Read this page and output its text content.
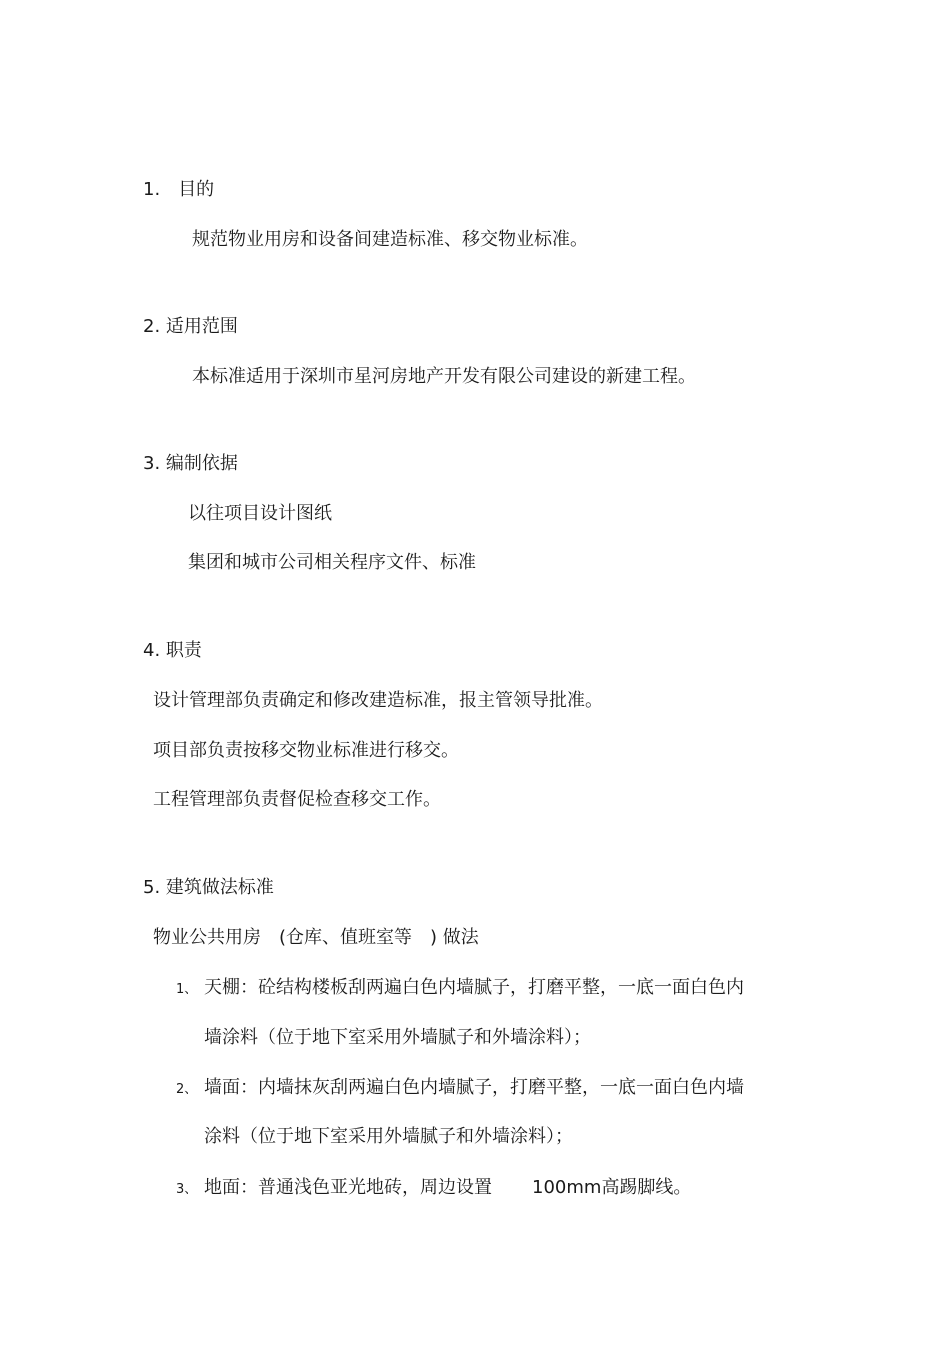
1. 目的
规范物业用房和设备间建造标准、移交物业标准。
2. 适用范围
本标准适用于深圳市星河房地产开发有限公司建设的新建工程。
3. 编制依据
以往项目设计图纸
集团和城市公司相关程序文件、标准
4. 职责
设计管理部负责确定和修改建造标准，报主管领导批准。
项目部负责按移交物业标准进行移交。
工程管理部负责督促检查移交工作。
5. 建筑做法标准
物业公共用房 (仓库、值班室等 ) 做法
1、 天棚：砼结构楼板刮两遍白色内墙腻子，打磨平整，一底一面白色内
墙涂料（位于地下室采用外墙腻子和外墙涂料）；
2、 墙面：内墙抹灰刮两遍白色内墙腻子，打磨平整，一底一面白色内墙
涂料（位于地下室采用外墙腻子和外墙涂料）；
3、 地面：普通浅色亚光地砖，周边设置 100mm高踢脚线。
